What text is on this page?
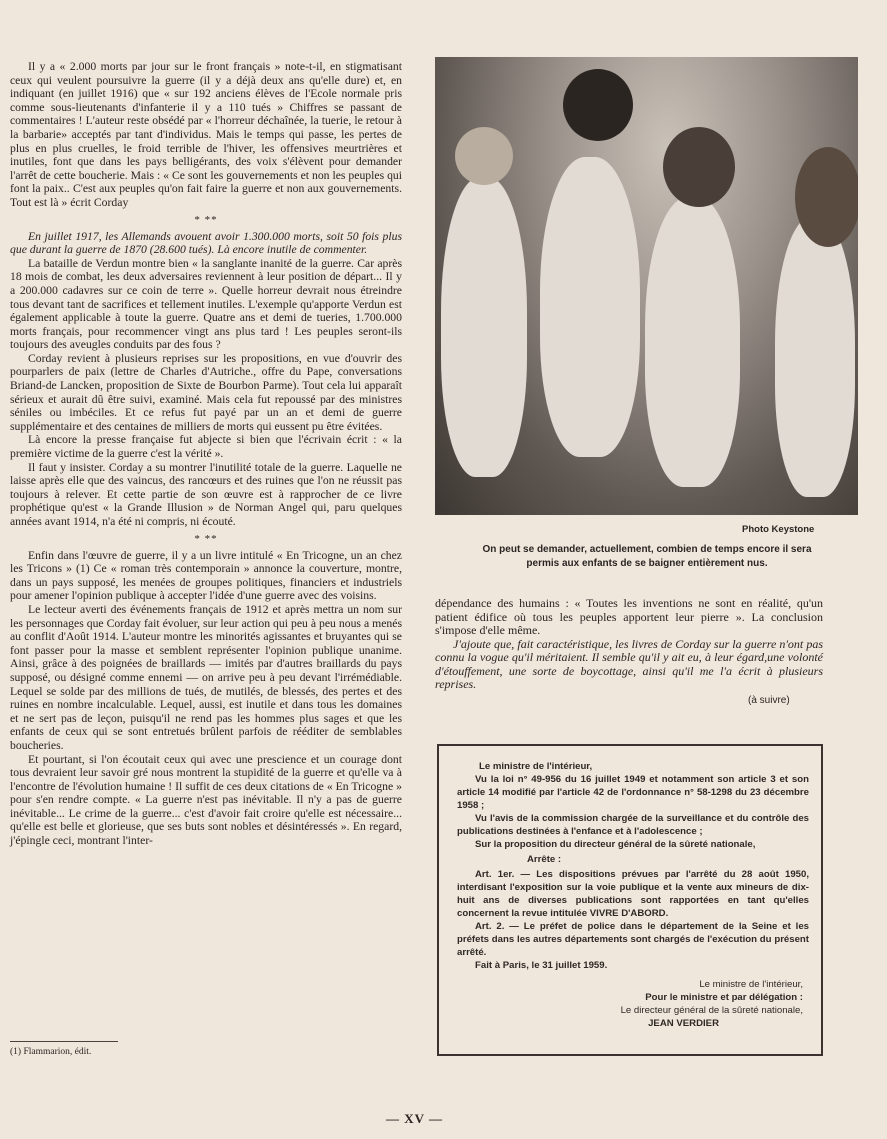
Il y a « 2.000 morts par jour sur le front français » note-t-il, en stigmatisant ceux qui veulent poursuivre la guerre (il y a déjà deux ans qu'elle dure) et, en indiquant (en juillet 1916) que « sur 192 anciens élèves de l'Ecole normale pris comme sous-lieutenants d'infanterie il y a 110 tués » Chiffres se passant de commentaires ! L'auteur reste obsédé par « l'horreur déchaînée, la tuerie, le retour à la barbarie» acceptés par tant d'individus. Mais le temps qui passe, les pertes de plus en plus cruelles, le froid terrible de l'hiver, les offensives meurtrières et inutiles, font que dans les pays belligérants, des voix s'élèvent pour demander l'arrêt de cette boucherie. Mais : « Ce sont les gouvernements et non les peuples qui font la paix.. C'est aux peuples qu'on fait faire la guerre et non aux gouvernements. Tout est là » écrit Corday

* **

En juillet 1917, les Allemands avouent avoir 1.300.000 morts, soit 50 fois plus que durant la guerre de 1870 (28.600 tués). Là encore inutile de commenter.

La bataille de Verdun montre bien « la sanglante inanité de la guerre. Car après 18 mois de combat, les deux adversaires reviennent à leur position de départ... Il y a 200.000 cadavres sur ce coin de terre ». Quelle horreur devrait nous étreindre tous devant tant de sacrifices et tellement inutiles. L'exemple qu'apporte Verdun est également applicable à toute la guerre. Quatre ans et demi de tueries, 1.700.000 morts français, pour recommencer vingt ans plus tard ! Les peuples seront-ils toujours des aveugles conduits par des fous ?

Corday revient à plusieurs reprises sur les propositions, en vue d'ouvrir des pourparlers de paix (lettre de Charles d'Autriche., offre du Pape, conversations Briand-de Lancken, proposition de Sixte de Bourbon Parme). Tout cela lui apparaît sérieux et aurait dû être suivi, examiné. Mais cela fut repoussé par des ministres séniles ou imbéciles. Et ce refus fut payé par un an et demi de guerre supplémentaire et des centaines de milliers de morts qui eussent pu être évitées.

Là encore la presse française fut abjecte si bien que l'écrivain écrit : « la première victime de la guerre c'est la vérité ».

Il faut y insister. Corday a su montrer l'inutilité totale de la guerre. Laquelle ne laisse après elle que des vaincus, des rancœurs et des ruines que l'on ne réussit pas toujours à relever. Et cette partie de son œuvre est à rapprocher de ce livre prophétique qu'est « la Grande Illusion » de Norman Angel qui, paru quelques années avant 1914, n'a été ni compris, ni écouté.

* **

Enfin dans l'œuvre de guerre, il y a un livre intitulé « En Tricogne, un an chez les Tricons » (1) Ce « roman très contemporain » annonce la couverture, montre, dans un pays supposé, les menées de groupes politiques, financiers et industriels pour amener l'opinion publique à accepter l'idée d'une guerre avec des voisins.

Le lecteur averti des événements français de 1912 et après mettra un nom sur les personnages que Corday fait évoluer, sur leur action qui peu à peu nous a menés au conflit d'Août 1914. L'auteur montre les minorités agissantes et bruyantes qui se font passer pour la masse et semblent représenter l'opinion publique unanime. Ainsi, grâce à des poignées de braillards — imités par d'autres braillards du pays supposé, ou désigné comme ennemi — on arrive peu à peu devant l'irrémédiable. Lequel se solde par des millions de tués, de mutilés, de blessés, des pertes et des ruines en nombre incalculable. Lequel, aussi, est inutile et dans tous les domaines et ne sert pas de leçon, puisqu'il ne rend pas les hommes plus sages et que les enfants de ceux qui se sont entretués brûlent parfois de rééditer de semblables boucheries.

Et pourtant, si l'on écoutait ceux qui avec une prescience et un courage dont tous devraient leur savoir gré nous montrent la stupidité de la guerre et qu'elle va à l'encontre de l'évolution humaine ! Il suffit de ces deux citations de « En Tricogne » pour s'en rendre compte. « La guerre n'est pas inévitable. Il n'y a pas de guerre inévitable... Le crime de la guerre... c'est d'avoir fait croire qu'elle est nécessaire... qu'elle est belle et glorieuse, que ses buts sont nobles et désintéressés ». En regard, j'épingle ceci, montrant l'inter-

(1) Flammarion, édit.
Photo Keystone
On peut se demander, actuellement, combien de temps encore il sera
permis aux enfants de se baigner entièrement nus.

dépendance des humains : « Toutes les inventions ne sont en réalité, qu'un patient édifice où tous les peuples apportent leur pierre ». La conclusion s'impose d'elle même.

J'ajoute que, fait caractéristique, les livres de Corday sur la guerre n'ont pas connu la vogue qu'il méritaient. Il semble qu'il y ait eu, à leur égard,une volonté d'étouffement, une sorte de boycottage, ainsi qu'il me l'a écrit à plusieurs reprises.

(à suivre)

Le ministre de l'intérieur,

Vu la loi n° 49-956 du 16 juillet 1949 et notamment son article 3 et son article 14 modifié par l'article 42 de l'ordonnance n° 58-1298 du 23 décembre 1958 ;

Vu l'avis de la commission chargée de la surveillance et du contrôle des publications destinées à l'enfance et à l'adolescence ;

Sur la proposition du directeur général de la sûreté nationale,

Arrête :

Art. 1er. — Les dispositions prévues par l'arrêté du 28 août 1950, interdisant l'exposition sur la voie publique et la vente aux mineurs de dix-huit ans de diverses publications sont rapportées en tant qu'elles concernent la revue intitulée VIVRE D'ABORD.

Art. 2. — Le préfet de police dans le département de la Seine et les préfets dans les autres départements sont chargés de l'exécution du présent arrêté.

Fait à Paris, le 31 juillet 1959.

Le ministre de l'intérieur,

Pour le ministre et par délégation :

Le directeur général de la sûreté nationale,

JEAN VERDIER

— XV —
